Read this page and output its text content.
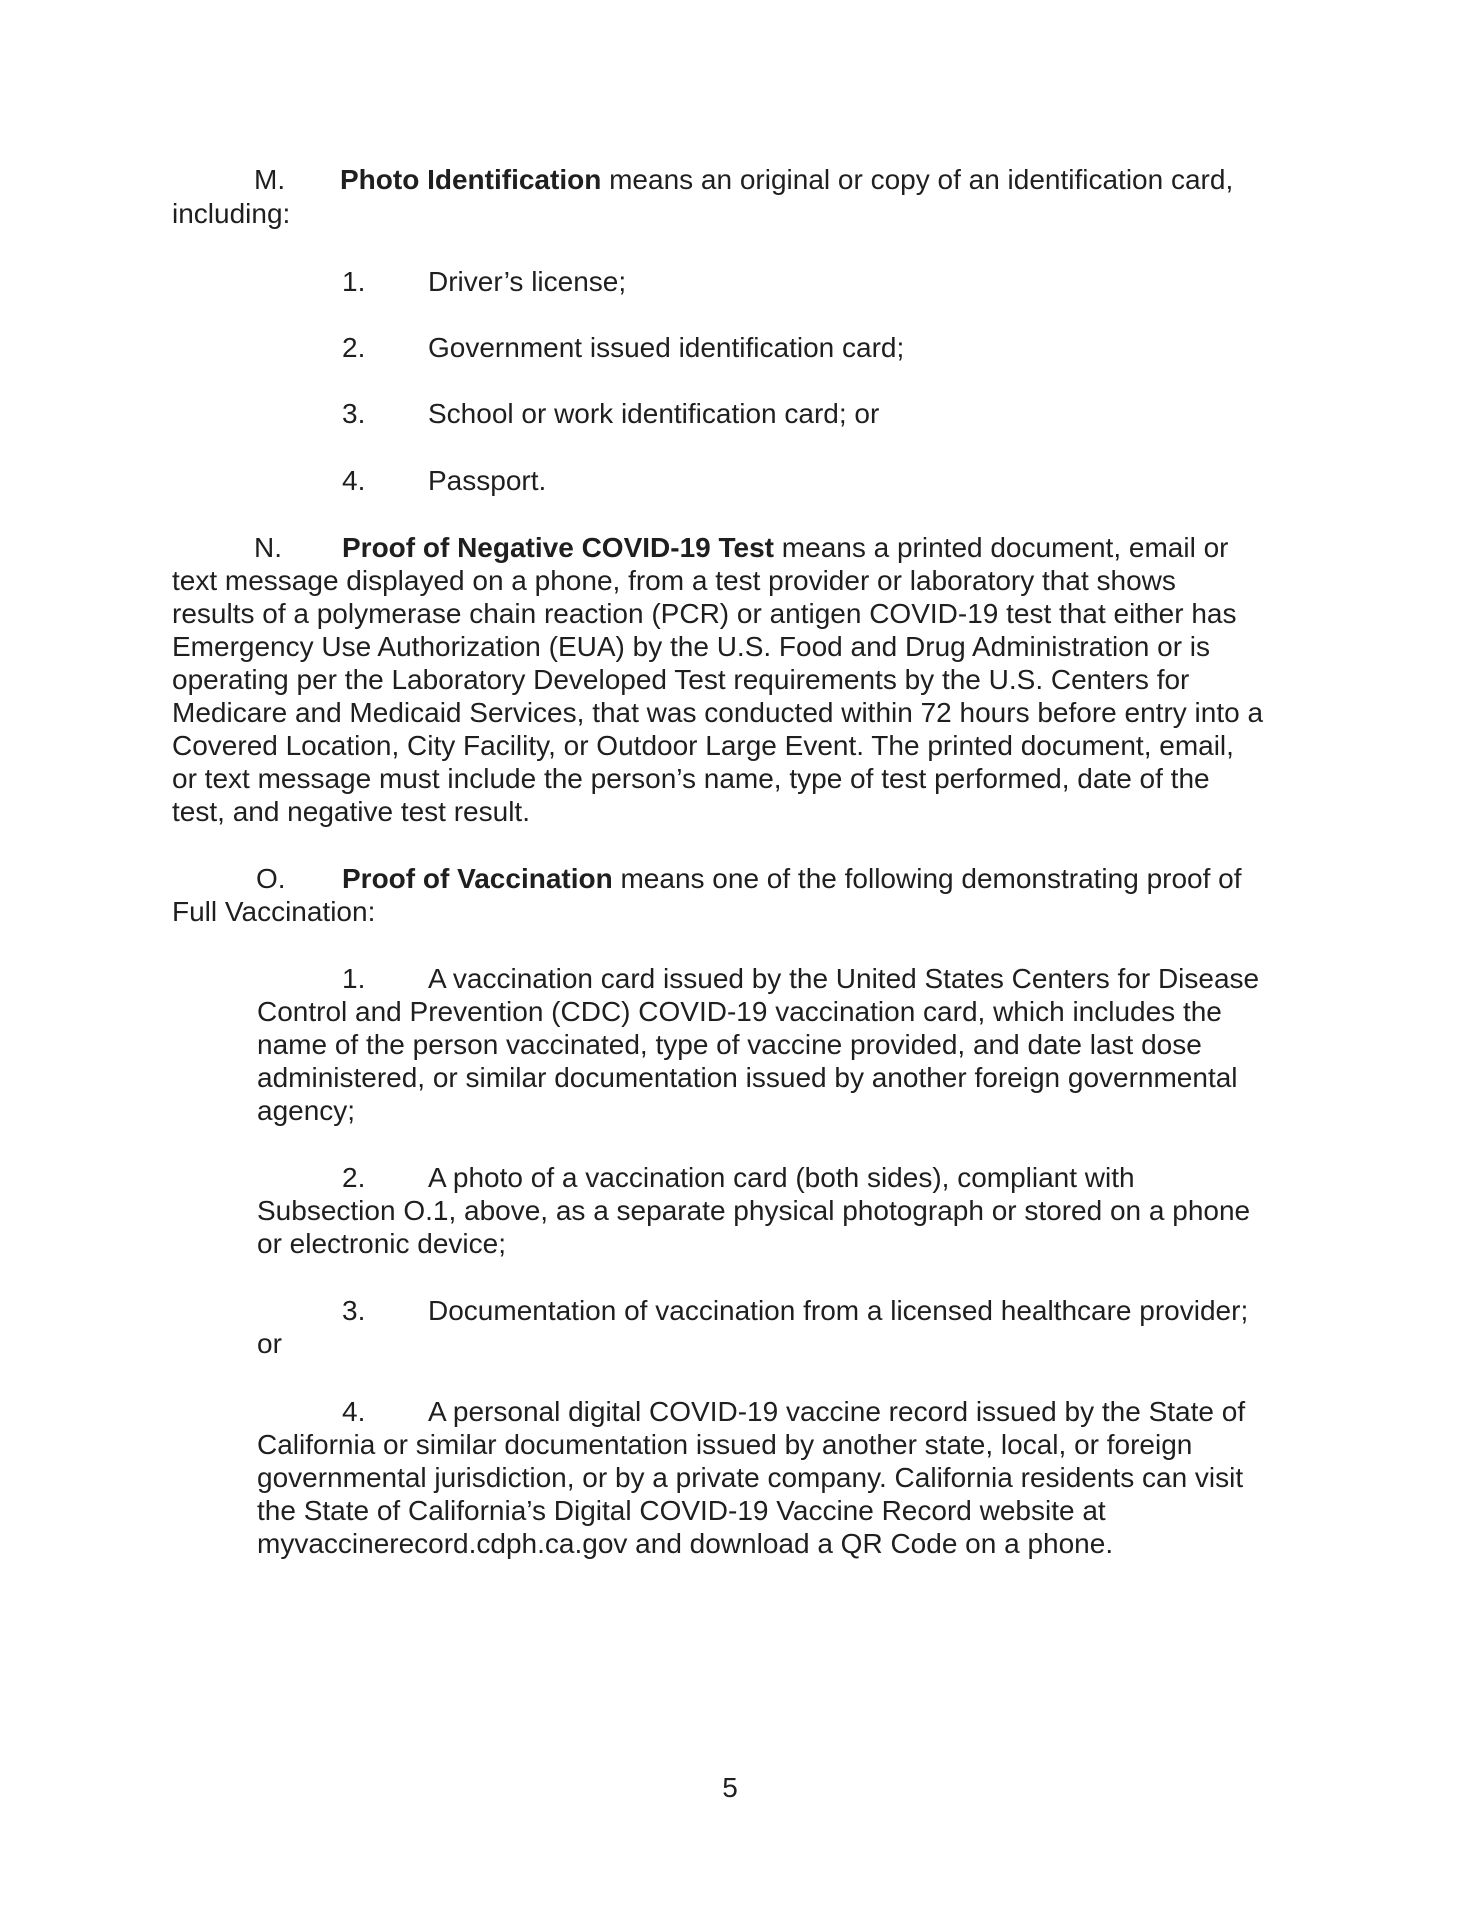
M. Photo Identification means an original or copy of an identification card,
including:
1. Driver’s license;
2. Government issued identification card;
3. School or work identification card; or
4. Passport.
N. Proof of Negative COVID-19 Test means a printed document, email or
text message displayed on a phone, from a test provider or laboratory that shows
results of a polymerase chain reaction (PCR) or antigen COVID-19 test that either has
Emergency Use Authorization (EUA) by the U.S. Food and Drug Administration or is
operating per the Laboratory Developed Test requirements by the U.S. Centers for
Medicare and Medicaid Services, that was conducted within 72 hours before entry into a
Covered Location, City Facility, or Outdoor Large Event. The printed document, email,
or text message must include the person’s name, type of test performed, date of the
test, and negative test result.
O. Proof of Vaccination means one of the following demonstrating proof of
Full Vaccination:
1. A vaccination card issued by the United States Centers for Disease
Control and Prevention (CDC) COVID-19 vaccination card, which includes the
name of the person vaccinated, type of vaccine provided, and date last dose
administered, or similar documentation issued by another foreign governmental
agency;
2. A photo of a vaccination card (both sides), compliant with
Subsection O.1, above, as a separate physical photograph or stored on a phone
or electronic device;
3. Documentation of vaccination from a licensed healthcare provider;
or
4. A personal digital COVID-19 vaccine record issued by the State of
California or similar documentation issued by another state, local, or foreign
governmental jurisdiction, or by a private company. California residents can visit
the State of California’s Digital COVID-19 Vaccine Record website at
myvaccinerecord.cdph.ca.gov and download a QR Code on a phone.
5
